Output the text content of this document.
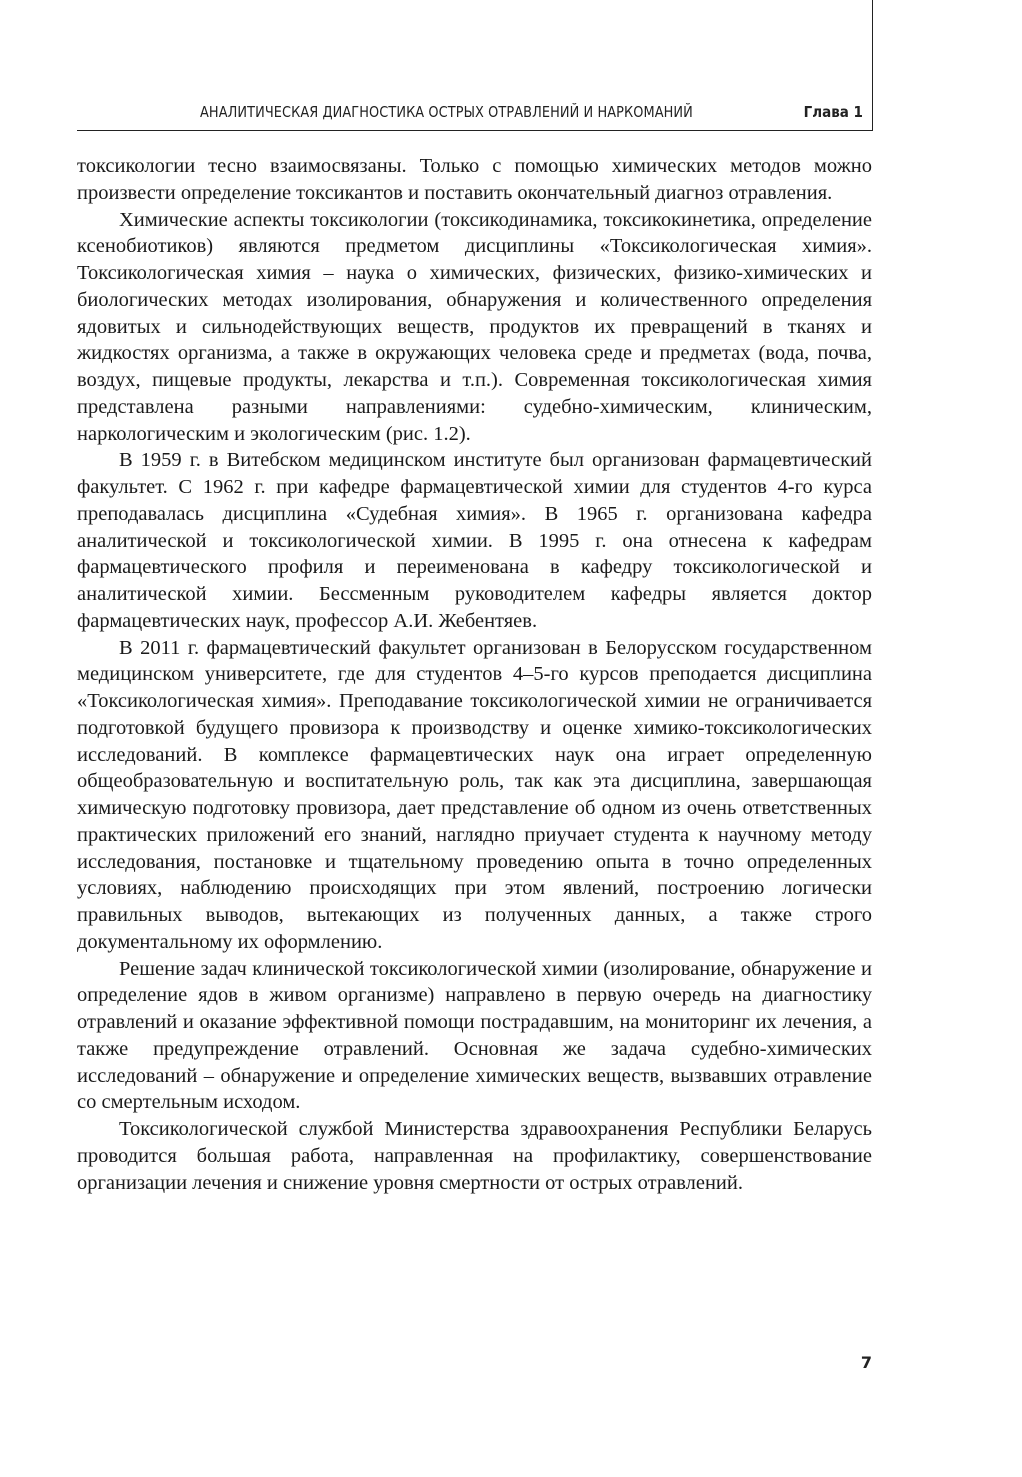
АНАЛИТИЧЕСКАЯ ДИАГНОСТИКА ОСТРЫХ ОТРАВЛЕНИЙ И НАРКОМАНИЙ	Глава 1

токсикологии тесно взаимосвязаны. Только с помощью химических методов можно произвести определение токсикантов и поставить окончательный диагноз отравления.

Химические аспекты токсикологии (токсикодинамика, токсикокинетика, определение ксенобиотиков) являются предметом дисциплины «Токсикологическая химия». Токсикологическая химия – наука о химических, физических, физико-химических и биологических методах изолирования, обнаружения и количественного определения ядовитых и сильнодействующих веществ, продуктов их превращений в тканях и жидкостях организма, а также в окружающих человека среде и предметах (вода, почва, воздух, пищевые продукты, лекарства и т.п.). Современная токсикологическая химия представлена разными направлениями: судебно-химическим, клиническим, наркологическим и экологическим (рис. 1.2).

В 1959 г. в Витебском медицинском институте был организован фармацевтический факультет. С 1962 г. при кафедре фармацевтической химии для студентов 4-го курса преподавалась дисциплина «Судебная химия». В 1965 г. организована кафедра аналитической и токсикологической химии. В 1995 г. она отнесена к кафедрам фармацевтического профиля и переименована в кафедру токсикологической и аналитической химии. Бессменным руководителем кафедры является доктор фармацевтических наук, профессор А.И. Жебентяев.

В 2011 г. фармацевтический факультет организован в Белорусском государственном медицинском университете, где для студентов 4–5-го курсов преподается дисциплина «Токсикологическая химия». Преподавание токсикологической химии не ограничивается подготовкой будущего провизора к производству и оценке химико-токсикологических исследований. В комплексе фармацевтических наук она играет определенную общеобразовательную и воспитательную роль, так как эта дисциплина, завершающая химическую подготовку провизора, дает представление об одном из очень ответственных практических приложений его знаний, наглядно приучает студента к научному методу исследования, постановке и тщательному проведению опыта в точно определенных условиях, наблюдению происходящих при этом явлений, построению логически правильных выводов, вытекающих из полученных данных, а также строго документальному их оформлению.

Решение задач клинической токсикологической химии (изолирование, обнаружение и определение ядов в живом организме) направлено в первую очередь на диагностику отравлений и оказание эффективной помощи пострадавшим, на мониторинг их лечения, а также предупреждение отравлений. Основная же задача судебно-химических исследований – обнаружение и определение химических веществ, вызвавших отравление со смертельным исходом.

Токсикологической службой Министерства здравоохранения Республики Беларусь проводится большая работа, направленная на профилактику, совершенствование организации лечения и снижение уровня смертности от острых отравлений.

7
